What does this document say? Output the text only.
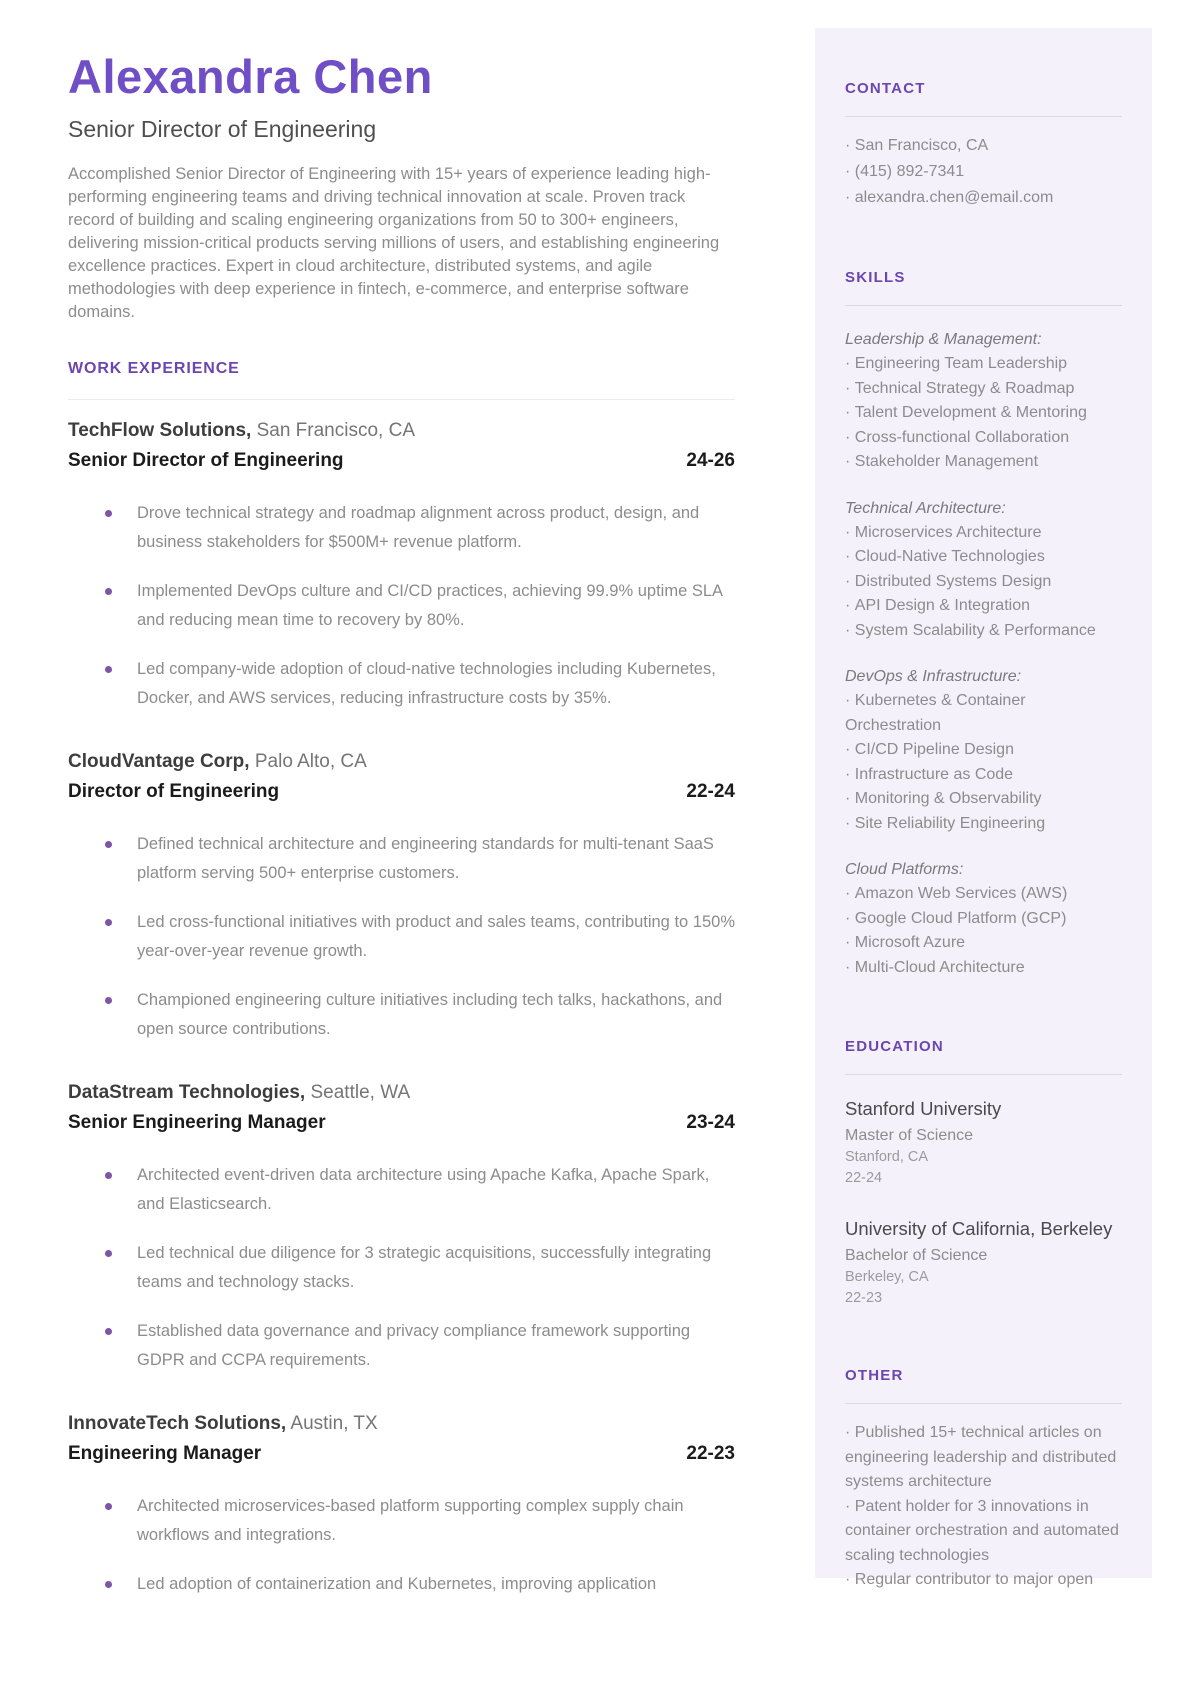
Alexandra Chen
Senior Director of Engineering

Accomplished Senior Director of Engineering with 15+ years of experience leading high-performing engineering teams and driving technical innovation at scale. Proven track record of building and scaling engineering organizations from 50 to 300+ engineers, delivering mission-critical products serving millions of users, and establishing engineering excellence practices. Expert in cloud architecture, distributed systems, and agile methodologies with deep experience in fintech, e-commerce, and enterprise software domains.

WORK EXPERIENCE
TechFlow Solutions, San Francisco, CA
Senior Director of Engineering	24-26
Drove technical strategy and roadmap alignment across product, design, and business stakeholders for $500M+ revenue platform.
Implemented DevOps culture and CI/CD practices, achieving 99.9% uptime SLA and reducing mean time to recovery by 80%.
Led company-wide adoption of cloud-native technologies including Kubernetes, Docker, and AWS services, reducing infrastructure costs by 35%.
CloudVantage Corp, Palo Alto, CA
Director of Engineering	22-24
Defined technical architecture and engineering standards for multi-tenant SaaS platform serving 500+ enterprise customers.
Led cross-functional initiatives with product and sales teams, contributing to 150% year-over-year revenue growth.
Championed engineering culture initiatives including tech talks, hackathons, and open source contributions.
DataStream Technologies, Seattle, WA
Senior Engineering Manager	23-24
Architected event-driven data architecture using Apache Kafka, Apache Spark, and Elasticsearch.
Led technical due diligence for 3 strategic acquisitions, successfully integrating teams and technology stacks.
Established data governance and privacy compliance framework supporting GDPR and CCPA requirements.
InnovateTech Solutions, Austin, TX
Engineering Manager	22-23
Architected microservices-based platform supporting complex supply chain workflows and integrations.
Led adoption of containerization and Kubernetes, improving application
CONTACT
· San Francisco, CA
· (415) 892-7341
· alexandra.chen@email.com
SKILLS
Leadership & Management:
· Engineering Team Leadership
· Technical Strategy & Roadmap
· Talent Development & Mentoring
· Cross-functional Collaboration
· Stakeholder Management
Technical Architecture:
· Microservices Architecture
· Cloud-Native Technologies
· Distributed Systems Design
· API Design & Integration
· System Scalability & Performance
DevOps & Infrastructure:
· Kubernetes & Container Orchestration
· CI/CD Pipeline Design
· Infrastructure as Code
· Monitoring & Observability
· Site Reliability Engineering
Cloud Platforms:
· Amazon Web Services (AWS)
· Google Cloud Platform (GCP)
· Microsoft Azure
· Multi-Cloud Architecture
EDUCATION
Stanford University
Master of Science
Stanford, CA
22-24
University of California, Berkeley
Bachelor of Science
Berkeley, CA
22-23
OTHER
· Published 15+ technical articles on engineering leadership and distributed systems architecture
· Patent holder for 3 innovations in container orchestration and automated scaling technologies
· Regular contributor to major open
